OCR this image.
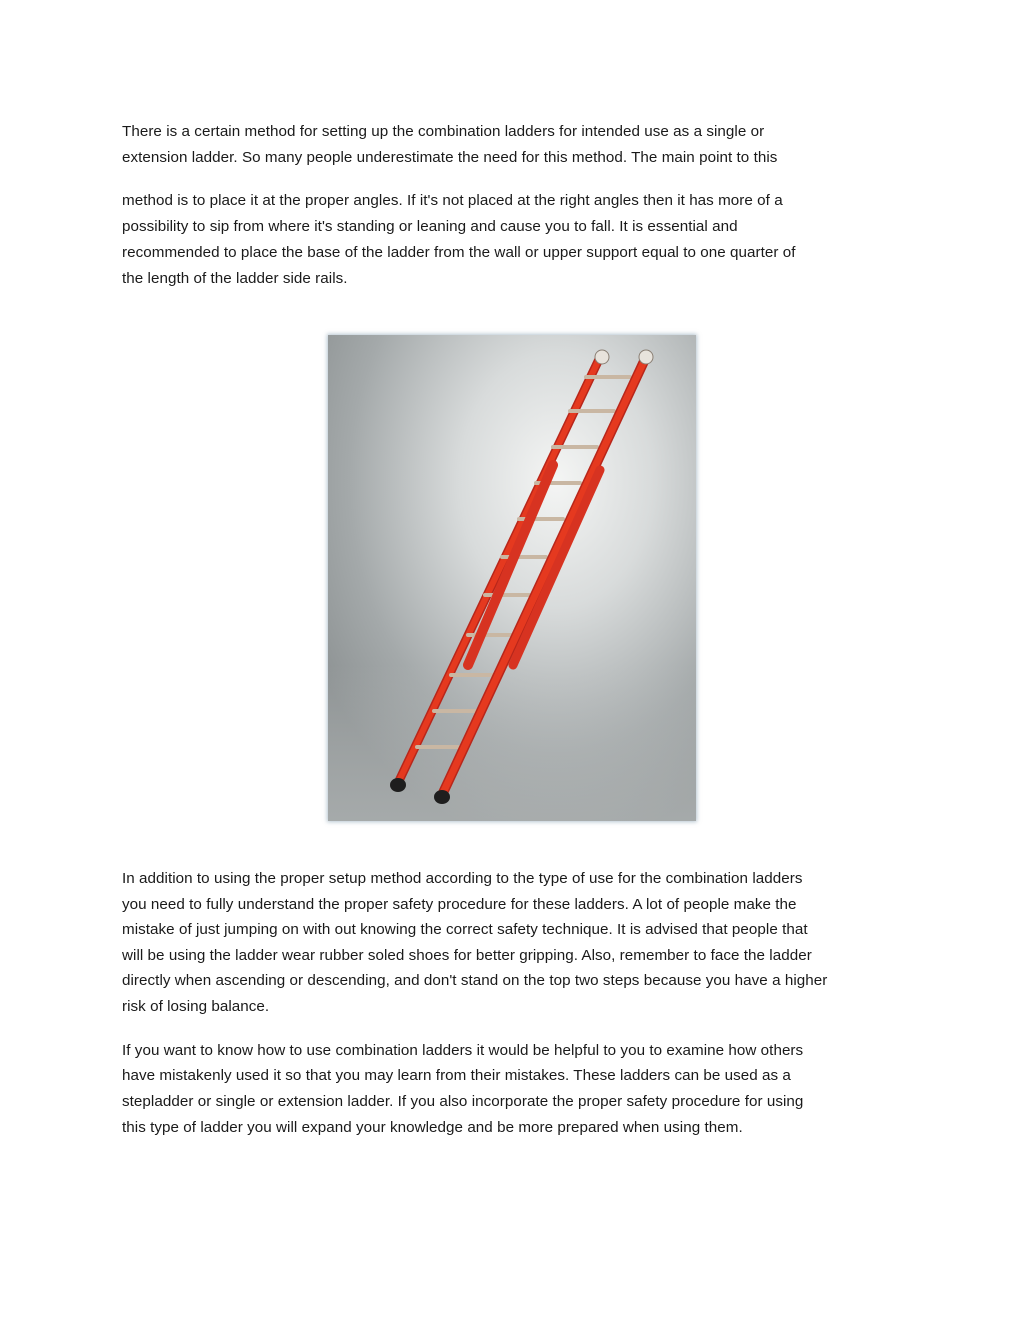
There is a certain method for setting up the combination ladders for intended use as a single or
extension ladder. So many people underestimate the need for this method. The main point to this
method is to place it at the proper angles. If it's not placed at the right angles then it has more of a
possibility to sip from where it's standing or leaning and cause you to fall. It is essential and
recommended to place the base of the ladder from the wall or upper support equal to one quarter of
the length of the ladder side rails.
In addition to using the proper setup method according to the type of use for the combination ladders
you need to fully understand the proper safety procedure for these ladders. A lot of people make the
mistake of just jumping on with out knowing the correct safety technique. It is advised that people that
will be using the ladder wear rubber soled shoes for better gripping. Also, remember to face the ladder
directly when ascending or descending, and don't stand on the top two steps because you have a higher
risk of losing balance.
If you want to know how to use combination ladders it would be helpful to you to examine how others
have mistakenly used it so that you may learn from their mistakes. These ladders can be used as a
stepladder or single or extension ladder. If you also incorporate the proper safety procedure for using
this type of ladder you will expand your knowledge and be more prepared when using them.
